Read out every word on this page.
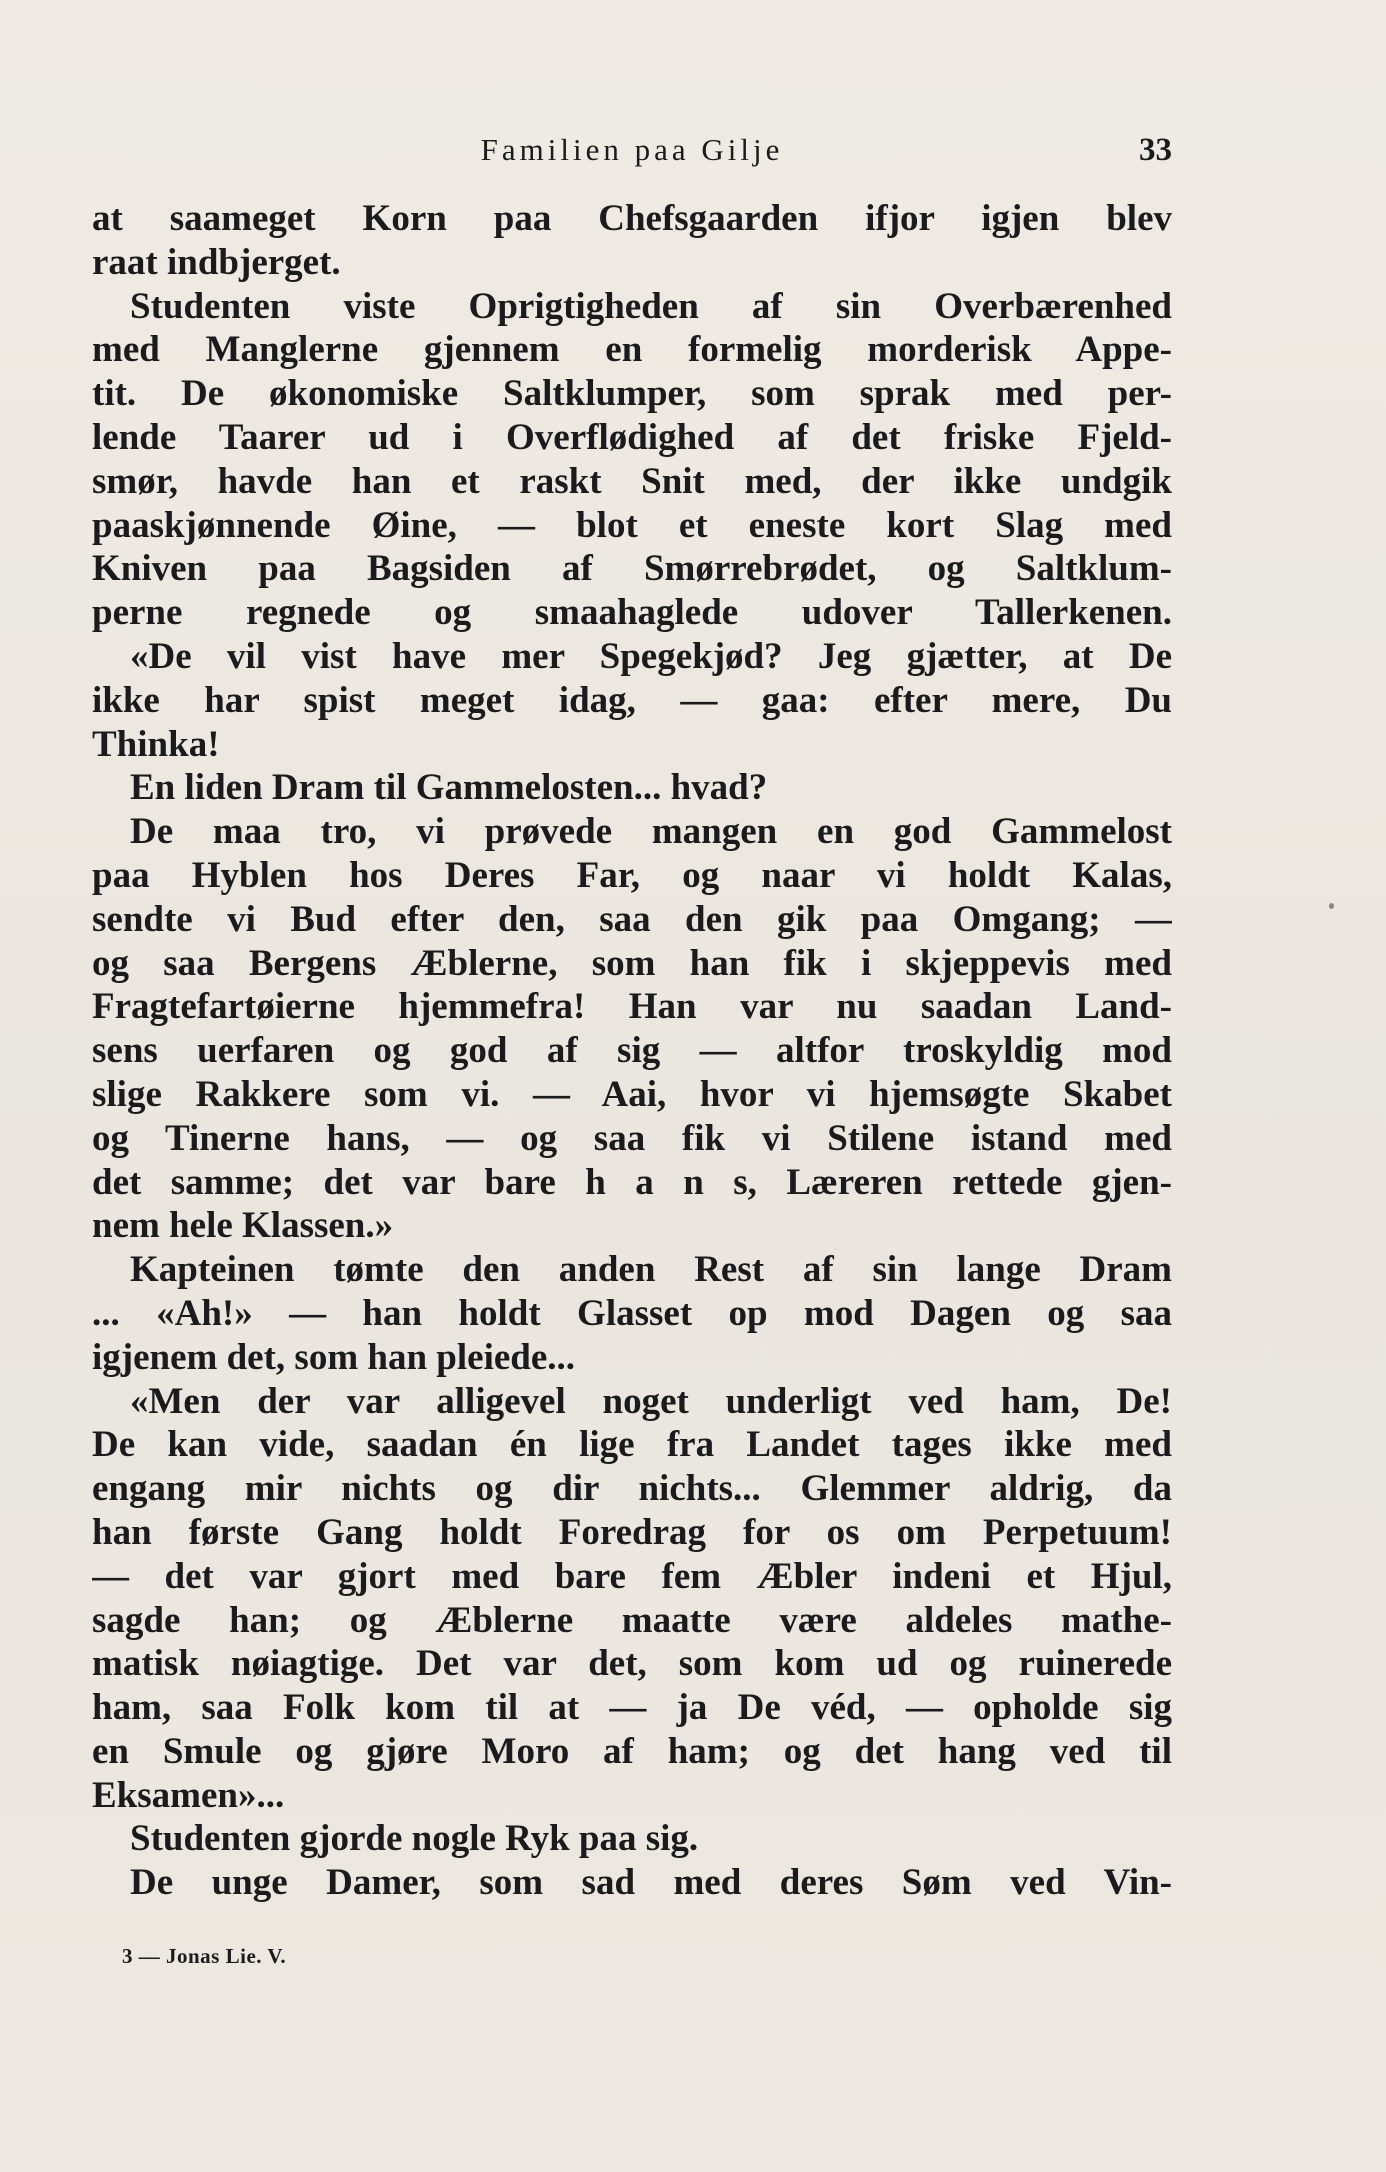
Familien paa Gilje	33
at saameget Korn paa Chefsgaarden ifjor igjen blev
raat indbjerget.
Studenten viste Oprigtigheden af sin Overbærenhed
med Manglerne gjennem en formelig morderisk Appe-
tit. De økonomiske Saltklumper, som sprak med per-
lende Taarer ud i Overflødighed af det friske Fjeld-
smør, havde han et raskt Snit med, der ikke undgik
paaskjønnende Øine, — blot et eneste kort Slag med
Kniven paa Bagsiden af Smørrebrødet, og Saltklum-
perne regnede og smaahaglede udover Tallerkenen.
«De vil vist have mer Spegekjød? Jeg gjætter, at De
ikke har spist meget idag, — gaa: efter mere, Du
Thinka!
En liden Dram til Gammelosten... hvad?
De maa tro, vi prøvede mangen en god Gammelost
paa Hyblen hos Deres Far, og naar vi holdt Kalas,
sendte vi Bud efter den, saa den gik paa Omgang; —
og saa Bergens Æblerne, som han fik i skjeppevis med
Fragtefartøierne hjemmefra! Han var nu saadan Land-
sens uerfaren og god af sig — altfor troskyldig mod
slige Rakkere som vi. — Aai, hvor vi hjemsøgte Skabet
og Tinerne hans, — og saa fik vi Stilene istand med
det samme; det var bare h a n s, Læreren rettede gjen-
nem hele Klassen.»
Kapteinen tømte den anden Rest af sin lange Dram
... «Ah!» — han holdt Glasset op mod Dagen og saa
igjenem det, som han pleiede...
«Men der var alligevel noget underligt ved ham, De!
De kan vide, saadan én lige fra Landet tages ikke med
engang mir nichts og dir nichts... Glemmer aldrig, da
han første Gang holdt Foredrag for os om Perpetuum!
— det var gjort med bare fem Æbler indeni et Hjul,
sagde han; og Æblerne maatte være aldeles mathe-
matisk nøiagtige. Det var det, som kom ud og ruinerede
ham, saa Folk kom til at — ja De véd, — opholde sig
en Smule og gjøre Moro af ham; og det hang ved til
Eksamen»...
Studenten gjorde nogle Ryk paa sig.
De unge Damer, som sad med deres Søm ved Vin-
3 — Jonas Lie. V.
